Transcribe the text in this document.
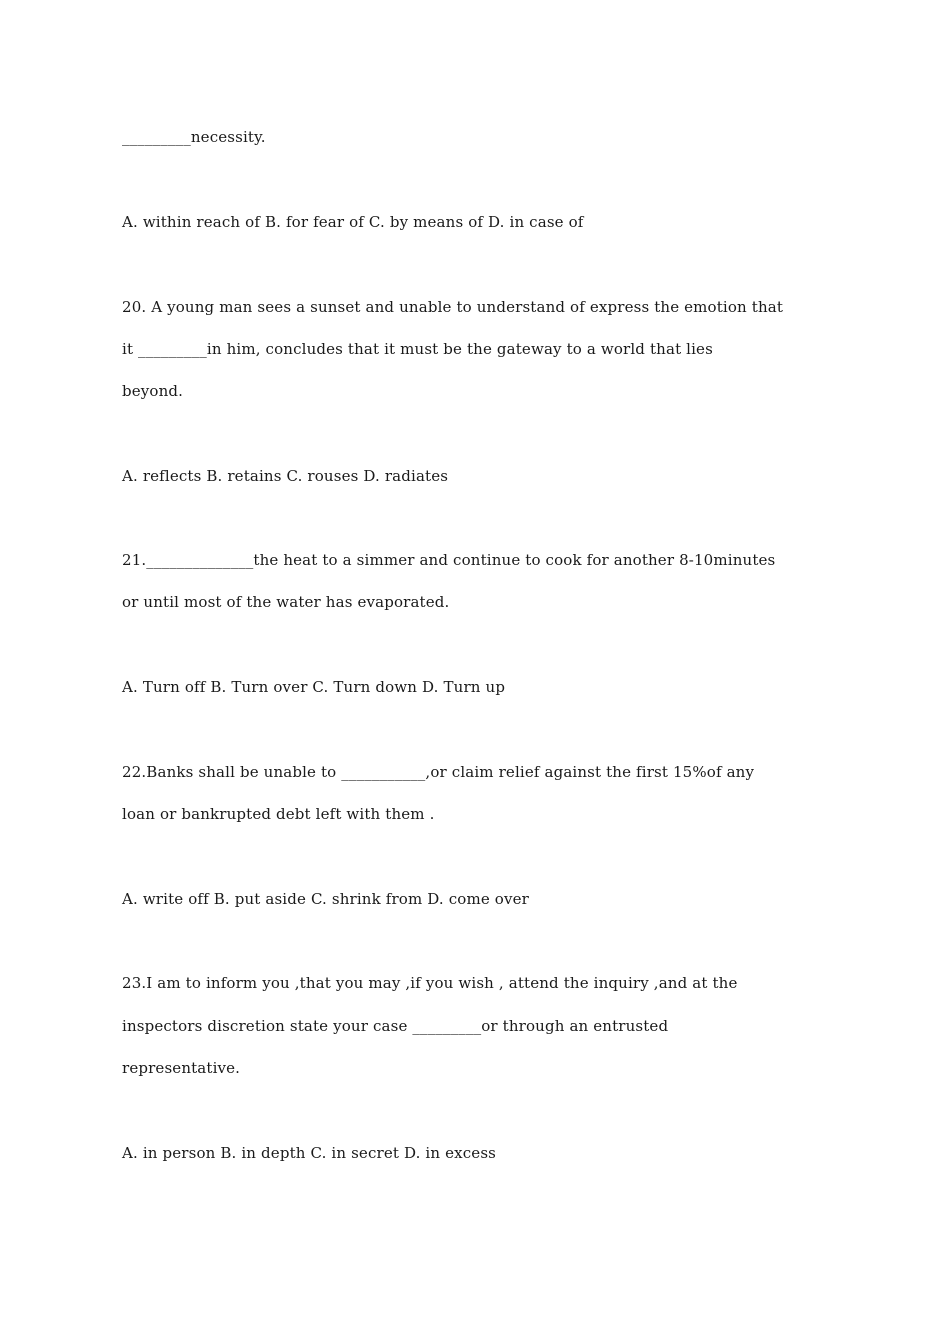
_________necessity.

A. within reach of B. for fear of C. by means of D. in case of

20. A young man sees a sunset and unable to understand of express the emotion that

it _________in him, concludes that it must be the gateway to a world that lies

beyond.

A. reflects B. retains C. rouses D. radiates

21.______________the heat to a simmer and continue to cook for another 8-10minutes

or until most of the water has evaporated.

A. Turn off B. Turn over C. Turn down D. Turn up

22.Banks shall be unable to ___________,or claim relief against the first 15%of any

loan or bankrupted debt left with them .

A. write off B. put aside C. shrink from D. come over

23.I am to inform you ,that you may ,if you wish , attend the inquiry ,and at the

inspectors discretion state your case _________or through an entrusted

representative.

A. in person B. in depth C. in secret D. in excess
